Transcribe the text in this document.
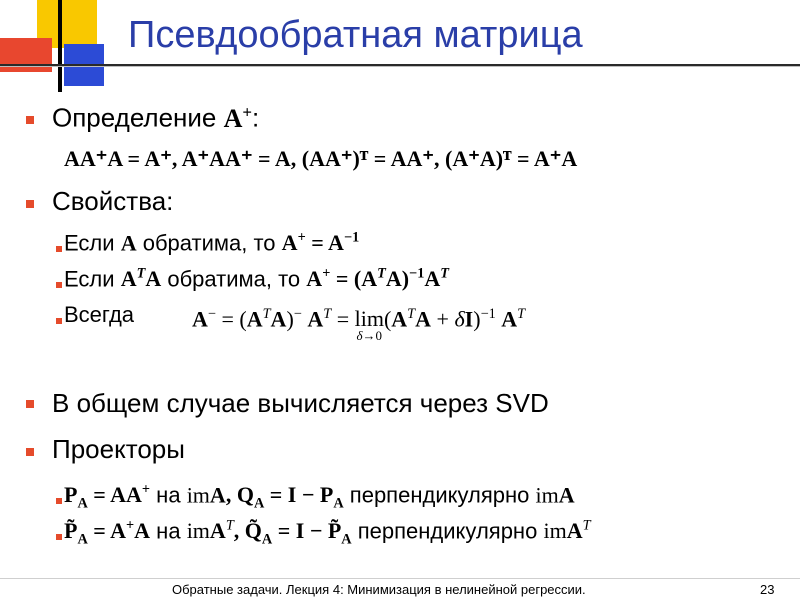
Псевдообратная матрица
Определение A+:
AA⁺A = A⁺, A⁺AA⁺ = A, (AA⁺)ᵀ = AA⁺, (A⁺A)ᵀ = A⁺A
Свойства:
Если A обратима, то $A^+ = A^{-1}$
Если $A^TA$ обратима, то $A^+ = (A^TA)^{-1}A^T$
Всегда	$A^- = (A^TA)^-$ $A^T = \lim$
δ→0
$(A^TA + \delta I)^{-1}$ $A^T$
В общем случае вычисляется через SVD
Проекторы
$P_A = AA^+$ на imA, $Q_A = I - P_A$ перпендикулярно imA
$P̃_A = A^+A$ на imA$^T$, $Q̃_A = I$ − $P̃_A$ перпендикулярно imA$^T$
Обратные задачи. Лекция 4: Минимизация в нелинейной регрессии.	23
